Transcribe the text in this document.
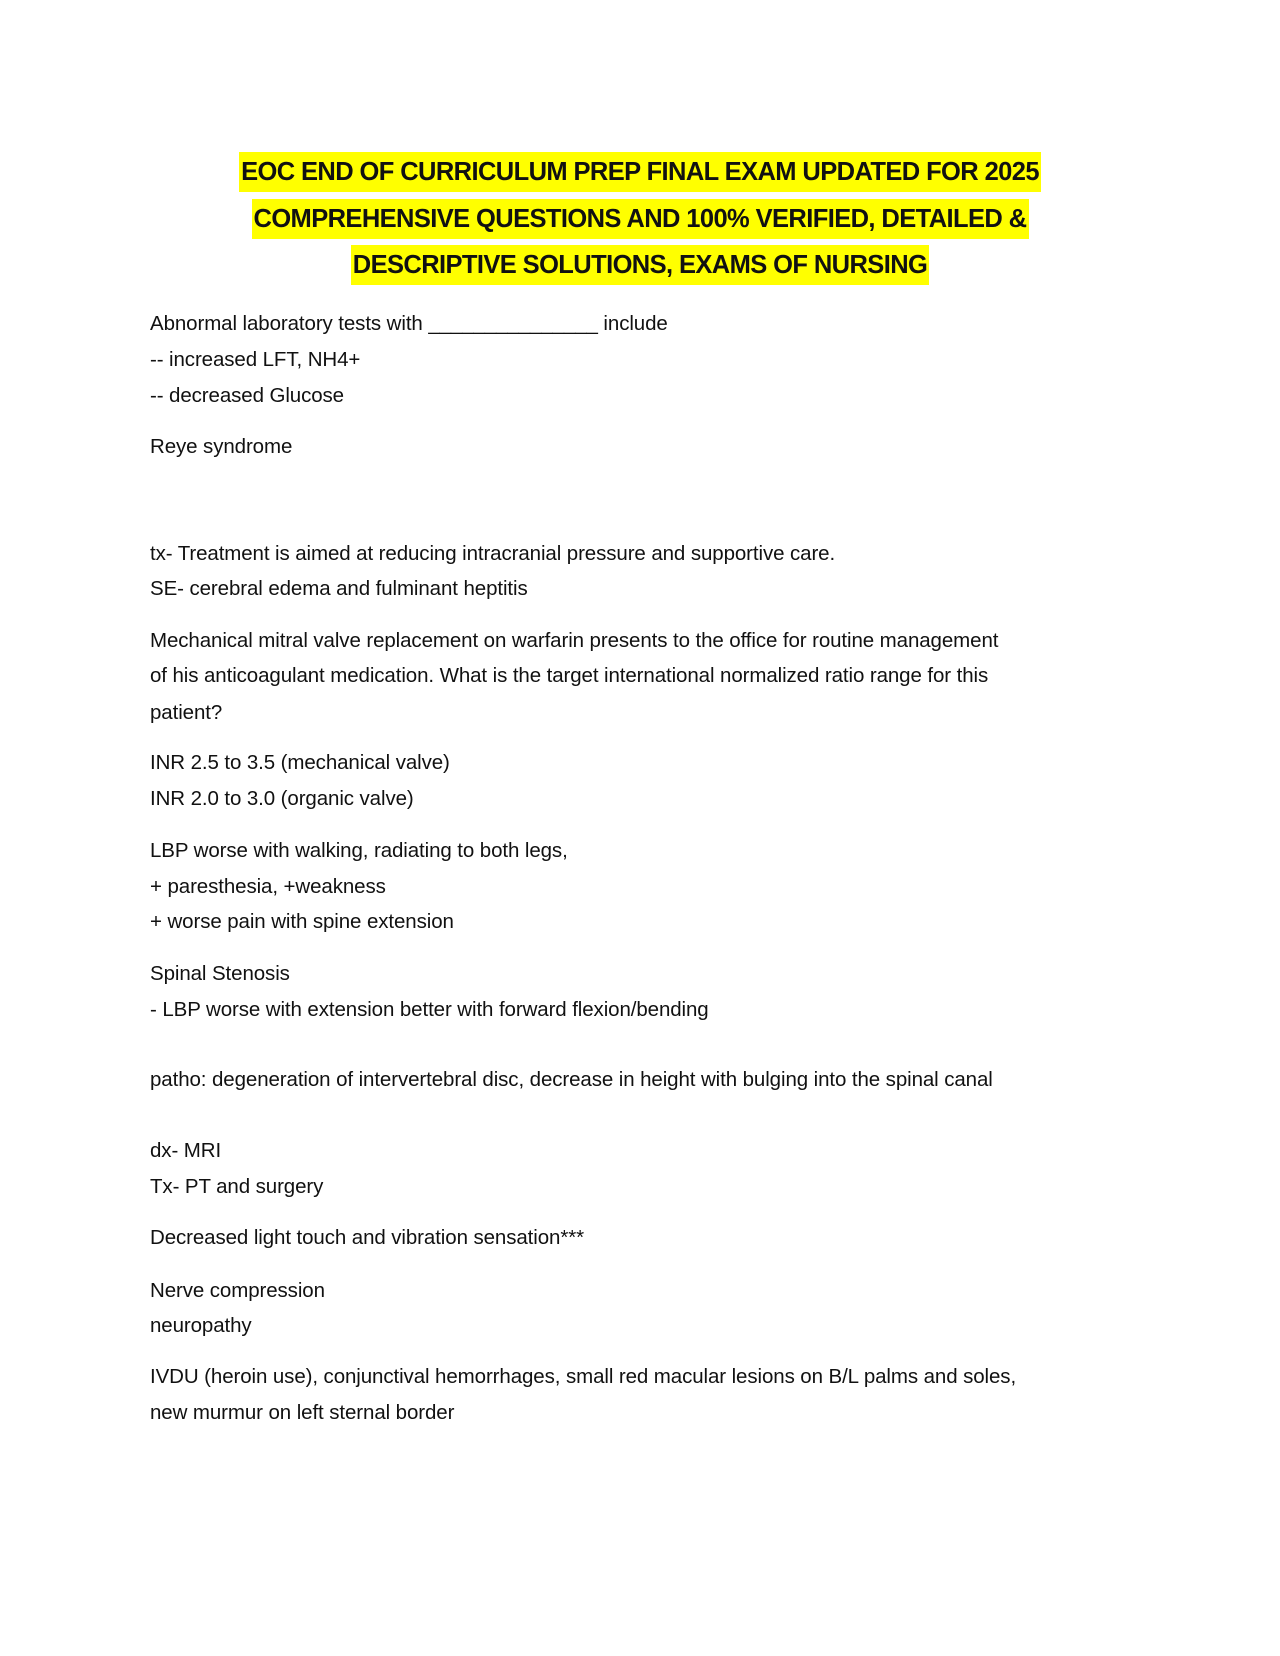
EOC END OF CURRICULUM PREP FINAL EXAM UPDATED FOR 2025
COMPREHENSIVE QUESTIONS AND 100% VERIFIED, DETAILED &
DESCRIPTIVE SOLUTIONS, EXAMS OF NURSING
Abnormal laboratory tests with _______________ include
-- increased LFT, NH4+
-- decreased Glucose
Reye syndrome
tx- Treatment is aimed at reducing intracranial pressure and supportive care.
SE- cerebral edema and fulminant heptitis
Mechanical mitral valve replacement on warfarin presents to the office for routine management
of his anticoagulant medication. What is the target international normalized ratio range for this
patient?
INR 2.5 to 3.5 (mechanical valve)
INR 2.0 to 3.0 (organic valve)
LBP worse with walking, radiating to both legs,
+ paresthesia, +weakness
+ worse pain with spine extension
Spinal Stenosis
- LBP worse with extension better with forward flexion/bending
patho: degeneration of intervertebral disc, decrease in height with bulging into the spinal canal
dx- MRI
Tx- PT and surgery
Decreased light touch and vibration sensation***
Nerve compression
neuropathy
IVDU (heroin use), conjunctival hemorrhages, small red macular lesions on B/L palms and soles,
new murmur on left sternal border
